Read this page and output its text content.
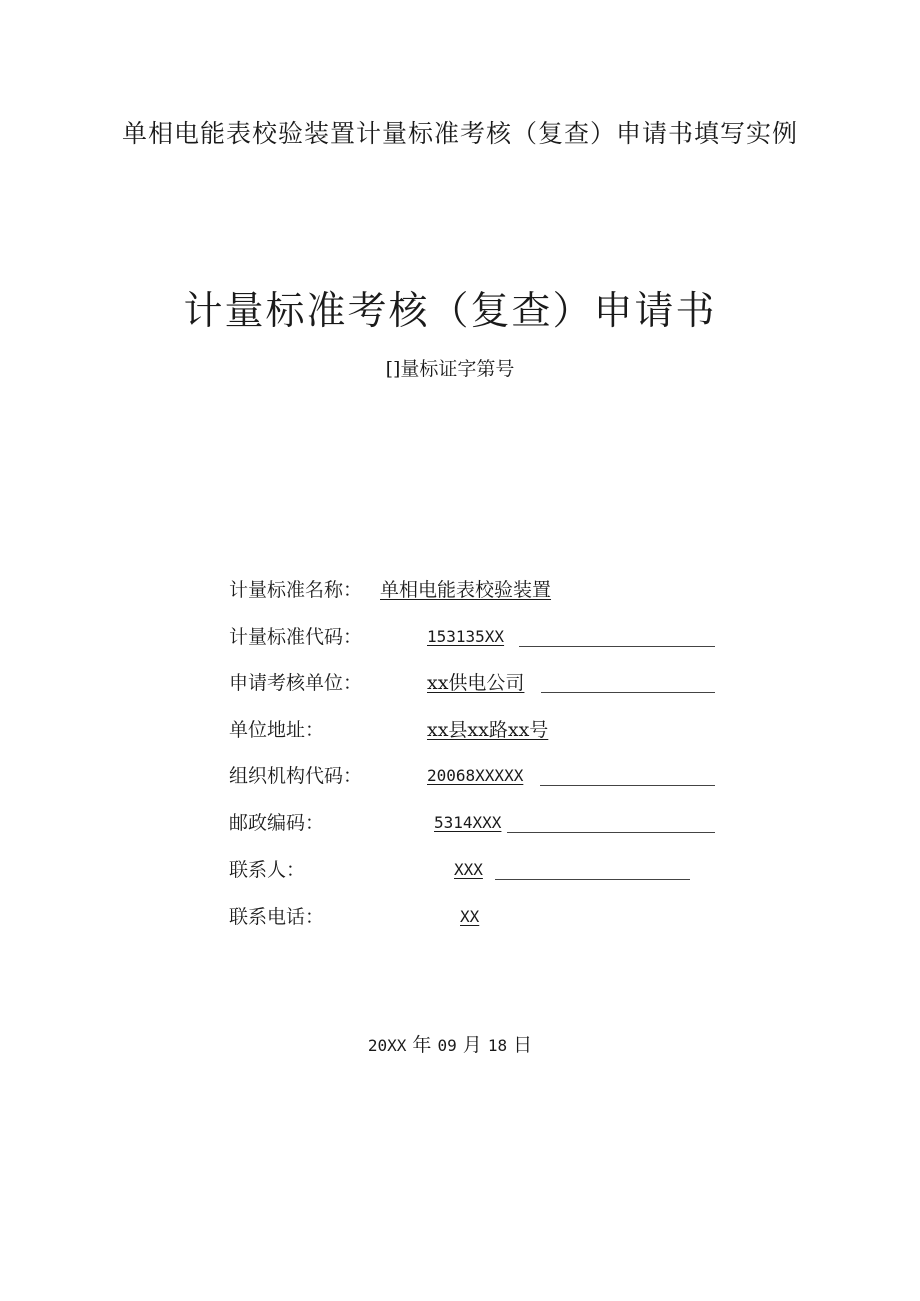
单相电能表校验装置计量标准考核（复查）申请书填写实例
计量标准考核（复查）申请书
[]量标证字第号
计量标准名称： 单相电能表校验装置
计量标准代码：	153135XX
申请考核单位：	xx供电公司
单位地址：	xx县xx路xx号
组织机构代码：	20068XXXXX
邮政编码：	5314XXX
联系人：	XXX
联系电话：	XX
20XX 年 09 月 18 日
